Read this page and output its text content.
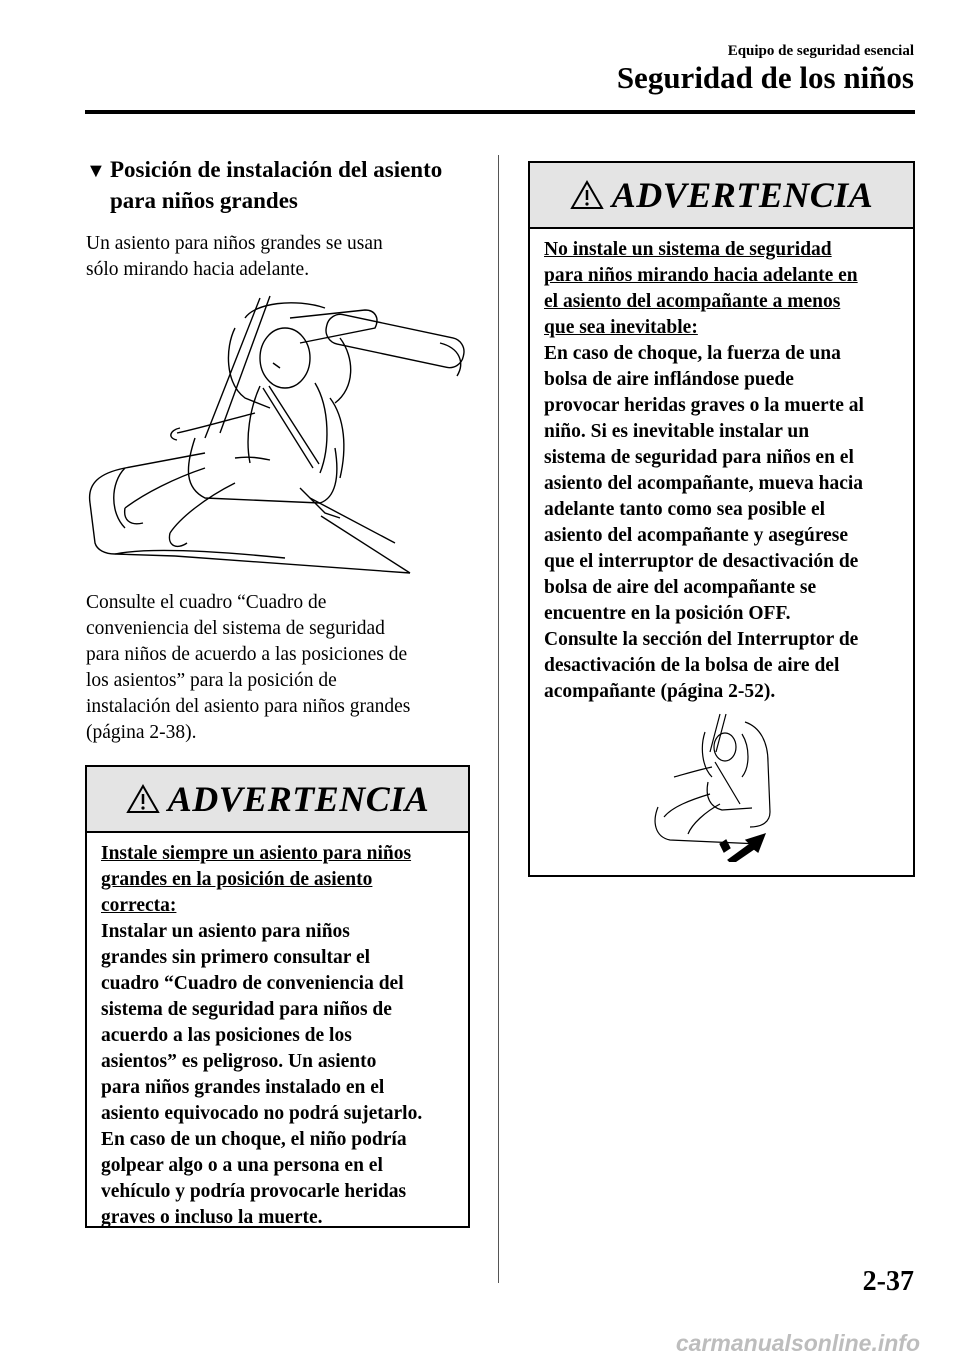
Equipo de seguridad esencial
Seguridad de los niños
▼ Posición de instalación del asiento
para niños grandes
Un asiento para niños grandes se usan
sólo mirando hacia adelante.
Consulte el cuadro “Cuadro de
conveniencia del sistema de seguridad
para niños de acuerdo a las posiciones de
los asientos” para la posición de
instalación del asiento para niños grandes
(página 2-38).
ADVERTENCIA
Instale siempre un asiento para niños
grandes en la posición de asiento
correcta:
Instalar un asiento para niños
grandes sin primero consultar el
cuadro “Cuadro de conveniencia del
sistema de seguridad para niños de
acuerdo a las posiciones de los
asientos” es peligroso. Un asiento
para niños grandes instalado en el
asiento equivocado no podrá sujetarlo.
En caso de un choque, el niño podría
golpear algo o a una persona en el
vehículo y podría provocarle heridas
graves o incluso la muerte.
ADVERTENCIA
No instale un sistema de seguridad
para niños mirando hacia adelante en
el asiento del acompañante a menos
que sea inevitable:
En caso de choque, la fuerza de una
bolsa de aire inflándose puede
provocar heridas graves o la muerte al
niño. Si es inevitable instalar un
sistema de seguridad para niños en el
asiento del acompañante, mueva hacia
adelante tanto como sea posible el
asiento del acompañante y asegúrese
que el interruptor de desactivación de
bolsa de aire del acompañante se
encuentre en la posición OFF.
Consulte la sección del Interruptor de
desactivación de la bolsa de aire del
acompañante (página 2-52).
2-37
carmanualsonline.info
